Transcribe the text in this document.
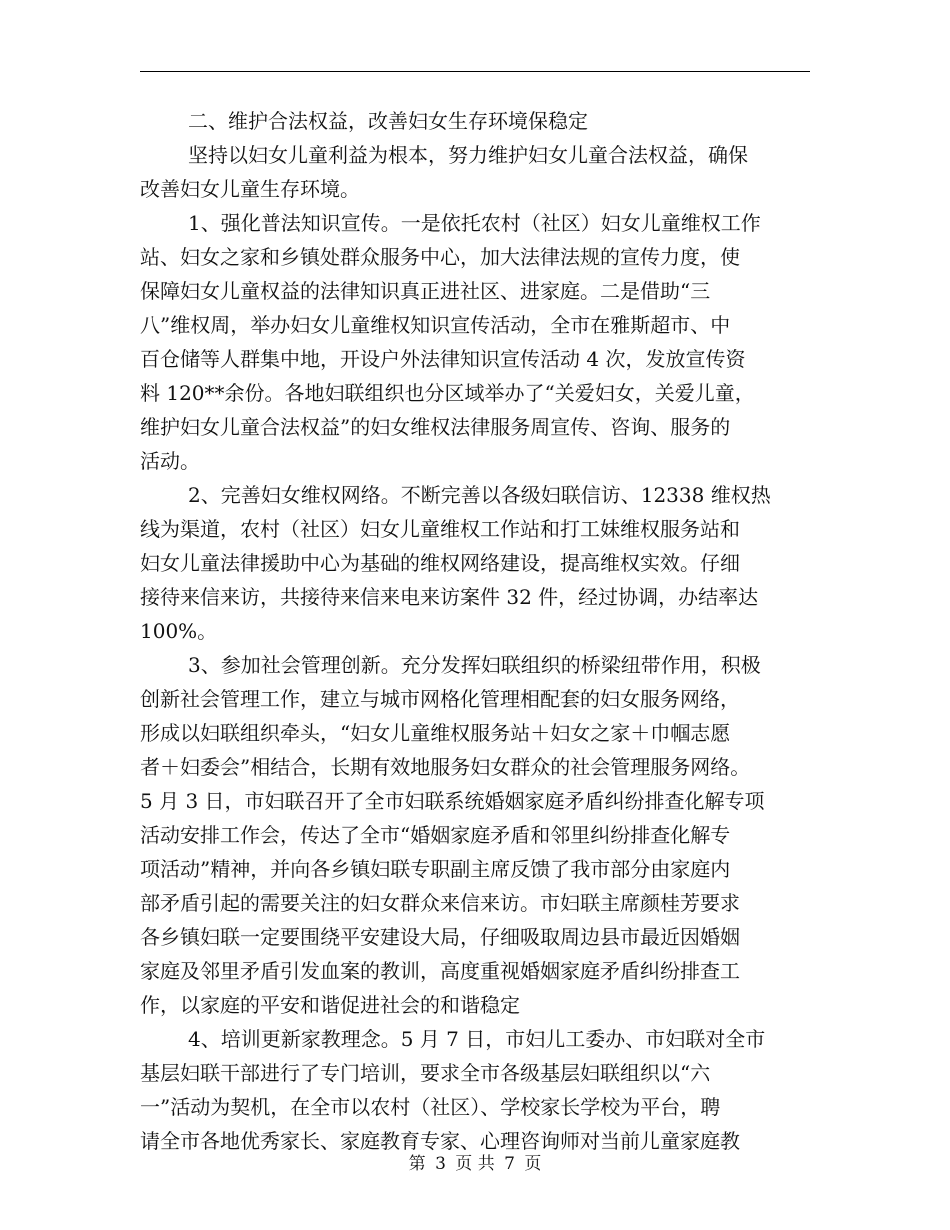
二、维护合法权益，改善妇女生存环境保稳定
坚持以妇女儿童利益为根本，努力维护妇女儿童合法权益，确保
改善妇女儿童生存环境。
1、强化普法知识宣传。一是依托农村（社区）妇女儿童维权工作
站、妇女之家和乡镇处群众服务中心，加大法律法规的宣传力度，使
保障妇女儿童权益的法律知识真正进社区、进家庭。二是借助“三
八”维权周，举办妇女儿童维权知识宣传活动，全市在雅斯超市、中
百仓储等人群集中地，开设户外法律知识宣传活动 4 次，发放宣传资
料 120**余份。各地妇联组织也分区域举办了“关爱妇女，关爱儿童，
维护妇女儿童合法权益”的妇女维权法律服务周宣传、咨询、服务的
活动。
2、完善妇女维权网络。不断完善以各级妇联信访、12338 维权热
线为渠道，农村（社区）妇女儿童维权工作站和打工妹维权服务站和
妇女儿童法律援助中心为基础的维权网络建设，提高维权实效。仔细
接待来信来访，共接待来信来电来访案件 32 件，经过协调，办结率达
100%。
3、参加社会管理创新。充分发挥妇联组织的桥梁纽带作用，积极
创新社会管理工作，建立与城市网格化管理相配套的妇女服务网络，
形成以妇联组织牵头，“妇女儿童维权服务站＋妇女之家＋巾帼志愿
者＋妇委会”相结合，长期有效地服务妇女群众的社会管理服务网络。
5 月 3 日，市妇联召开了全市妇联系统婚姻家庭矛盾纠纷排查化解专项
活动安排工作会，传达了全市“婚姻家庭矛盾和邻里纠纷排查化解专
项活动”精神，并向各乡镇妇联专职副主席反馈了我市部分由家庭内
部矛盾引起的需要关注的妇女群众来信来访。市妇联主席颜桂芳要求
各乡镇妇联一定要围绕平安建设大局，仔细吸取周边县市最近因婚姻
家庭及邻里矛盾引发血案的教训，高度重视婚姻家庭矛盾纠纷排查工
作，以家庭的平安和谐促进社会的和谐稳定
4、培训更新家教理念。5 月 7 日，市妇儿工委办、市妇联对全市
基层妇联干部进行了专门培训，要求全市各级基层妇联组织以“六
一”活动为契机，在全市以农村（社区）、学校家长学校为平台，聘
请全市各地优秀家长、家庭教育专家、心理咨询师对当前儿童家庭教
第 3 页 共 7 页
